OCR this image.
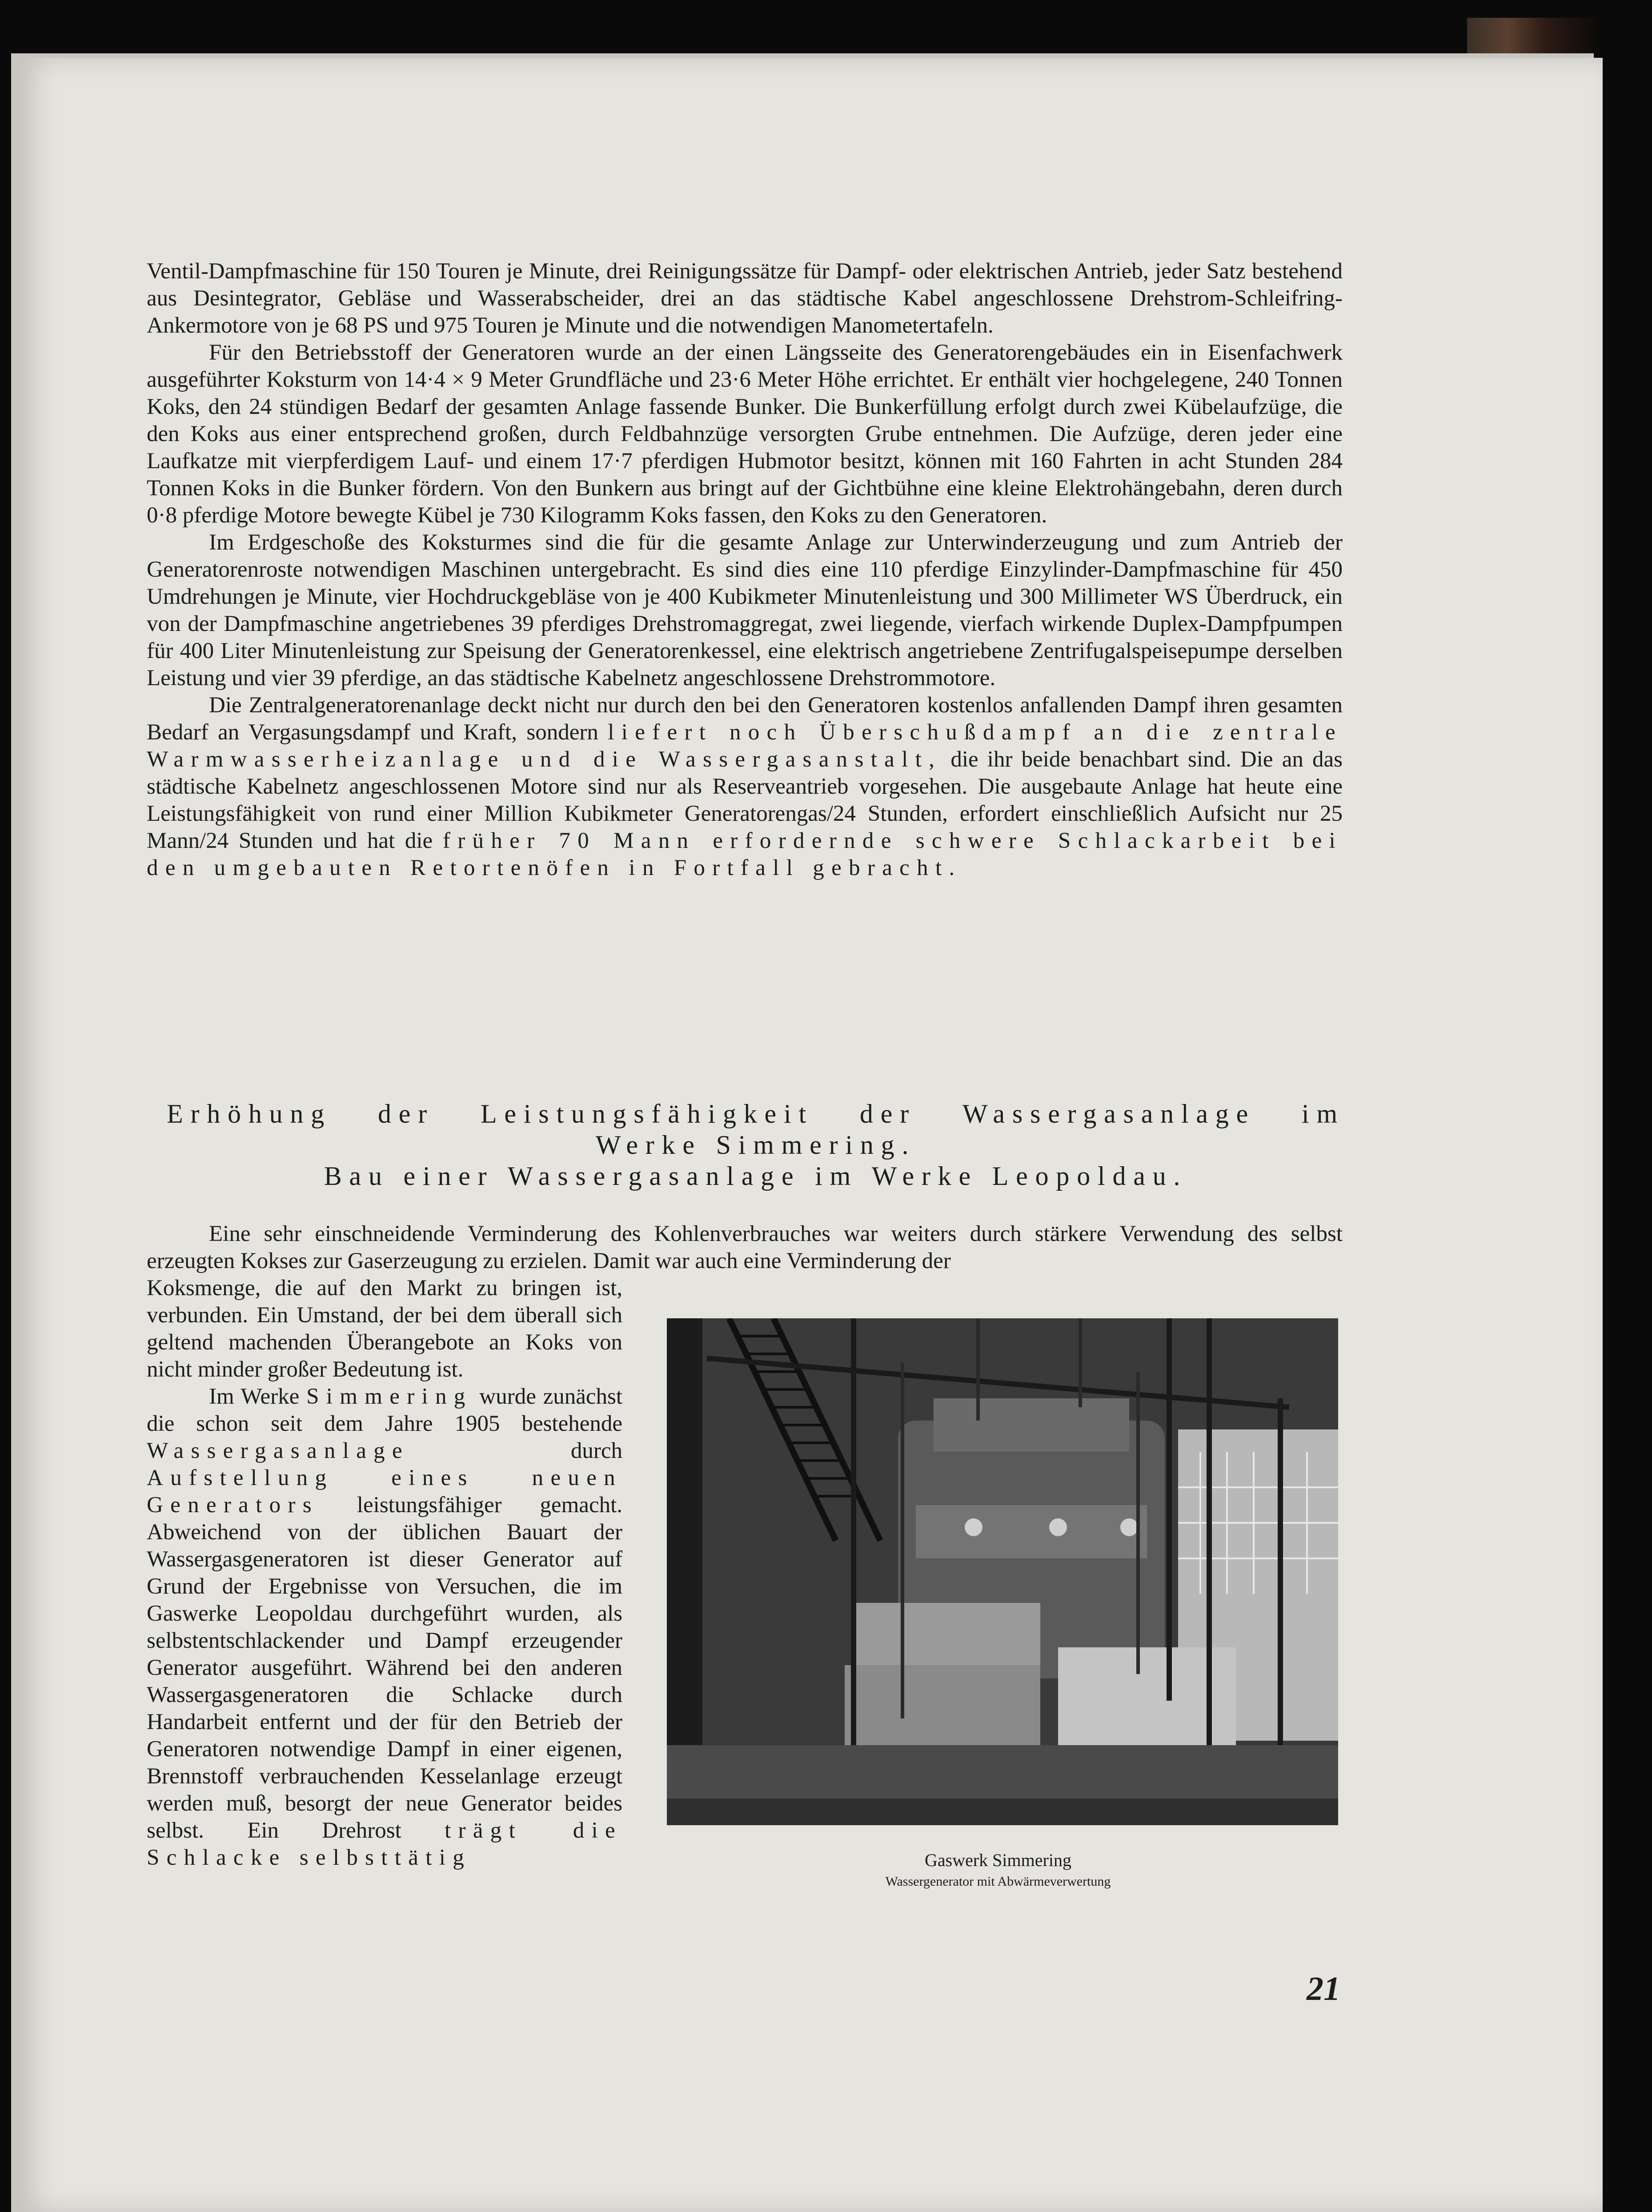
Ventil-Dampfmaschine für 150 Touren je Minute, drei Reinigungssätze für Dampf- oder elektrischen Antrieb, jeder Satz bestehend aus Desintegrator, Gebläse und Wasserabscheider, drei an das städtische Kabel angeschlossene Drehstrom-Schleifring-Ankermotore von je 68 PS und 975 Touren je Minute und die notwendigen Manometertafeln.

Für den Betriebsstoff der Generatoren wurde an der einen Längsseite des Generatorengebäudes ein in Eisenfachwerk ausgeführter Koksturm von 14·4 × 9 Meter Grundfläche und 23·6 Meter Höhe errichtet. Er enthält vier hochgelegene, 240 Tonnen Koks, den 24 stündigen Bedarf der gesamten Anlage fassende Bunker. Die Bunkerfüllung erfolgt durch zwei Kübelaufzüge, die den Koks aus einer entsprechend großen, durch Feldbahnzüge versorgten Grube entnehmen. Die Aufzüge, deren jeder eine Laufkatze mit vierpferdigem Lauf- und einem 17·7 pferdigen Hubmotor besitzt, können mit 160 Fahrten in acht Stunden 284 Tonnen Koks in die Bunker fördern. Von den Bunkern aus bringt auf der Gichtbühne eine kleine Elektrohängebahn, deren durch 0·8 pferdige Motore bewegte Kübel je 730 Kilogramm Koks fassen, den Koks zu den Generatoren.

Im Erdgeschoße des Koksturmes sind die für die gesamte Anlage zur Unterwinderzeugung und zum Antrieb der Generatorenroste notwendigen Maschinen untergebracht. Es sind dies eine 110 pferdige Einzylinder-Dampfmaschine für 450 Umdrehungen je Minute, vier Hochdruckgebläse von je 400 Kubikmeter Minutenleistung und 300 Millimeter WS Überdruck, ein von der Dampfmaschine angetriebenes 39 pferdiges Drehstromaggregat, zwei liegende, vierfach wirkende Duplex-Dampfpumpen für 400 Liter Minutenleistung zur Speisung der Generatorenkessel, eine elektrisch angetriebene Zentrifugalspeisepumpe derselben Leistung und vier 39 pferdige, an das städtische Kabelnetz angeschlossene Drehstrommotore.

Die Zentralgeneratorenanlage deckt nicht nur durch den bei den Generatoren kostenlos anfallenden Dampf ihren gesamten Bedarf an Vergasungsdampf und Kraft, sondern liefert noch Überschußdampf an die zentrale Warmwasserheizanlage und die Wassergasanstalt, die ihr beide benachbart sind. Die an das städtische Kabelnetz angeschlossenen Motore sind nur als Reserveantrieb vorgesehen. Die ausgebaute Anlage hat heute eine Leistungsfähigkeit von rund einer Million Kubikmeter Generatorengas/24 Stunden, erfordert einschließlich Aufsicht nur 25 Mann/24 Stunden und hat die früher 70 Mann erfordernde schwere Schlackarbeit bei den umgebauten Retortenöfen in Fortfall gebracht.

Erhöhung der Leistungsfähigkeit der Wassergasanlage im
Werke Simmering.
Bau einer Wassergasanlage im Werke Leopoldau.

Eine sehr einschneidende Verminderung des Kohlenverbrauches war weiters durch stärkere Verwendung des selbst erzeugten Kokses zur Gaserzeugung zu erzielen. Damit war auch eine Verminderung der

Koksmenge, die auf den Markt zu bringen ist, verbunden. Ein Umstand, der bei dem überall sich geltend machenden Überangebote an Koks von nicht minder großer Bedeutung ist.

Im Werke Simmering wurde zunächst die schon seit dem Jahre 1905 bestehende Wassergasanlage	durch Aufstellung eines neuen Generators leistungsfähiger gemacht. Abweichend von der üblichen Bauart der Wassergasgeneratoren ist dieser Generator auf Grund der Ergebnisse von Versuchen, die im Gaswerke Leopoldau durchgeführt wurden, als selbstentschlackender und Dampf erzeugender Generator ausgeführt. Während bei den anderen Wassergasgeneratoren die Schlacke durch Handarbeit entfernt und der für den Betrieb der Generatoren notwendige Dampf in einer eigenen, Brennstoff verbrauchenden Kesselanlage erzeugt werden muß, besorgt der neue Generator beides selbst. Ein Drehrost trägt die Schlacke selbsttätig	Gaswerk Simmering
Wassergenerator mit Abwärmeverwertung
21
